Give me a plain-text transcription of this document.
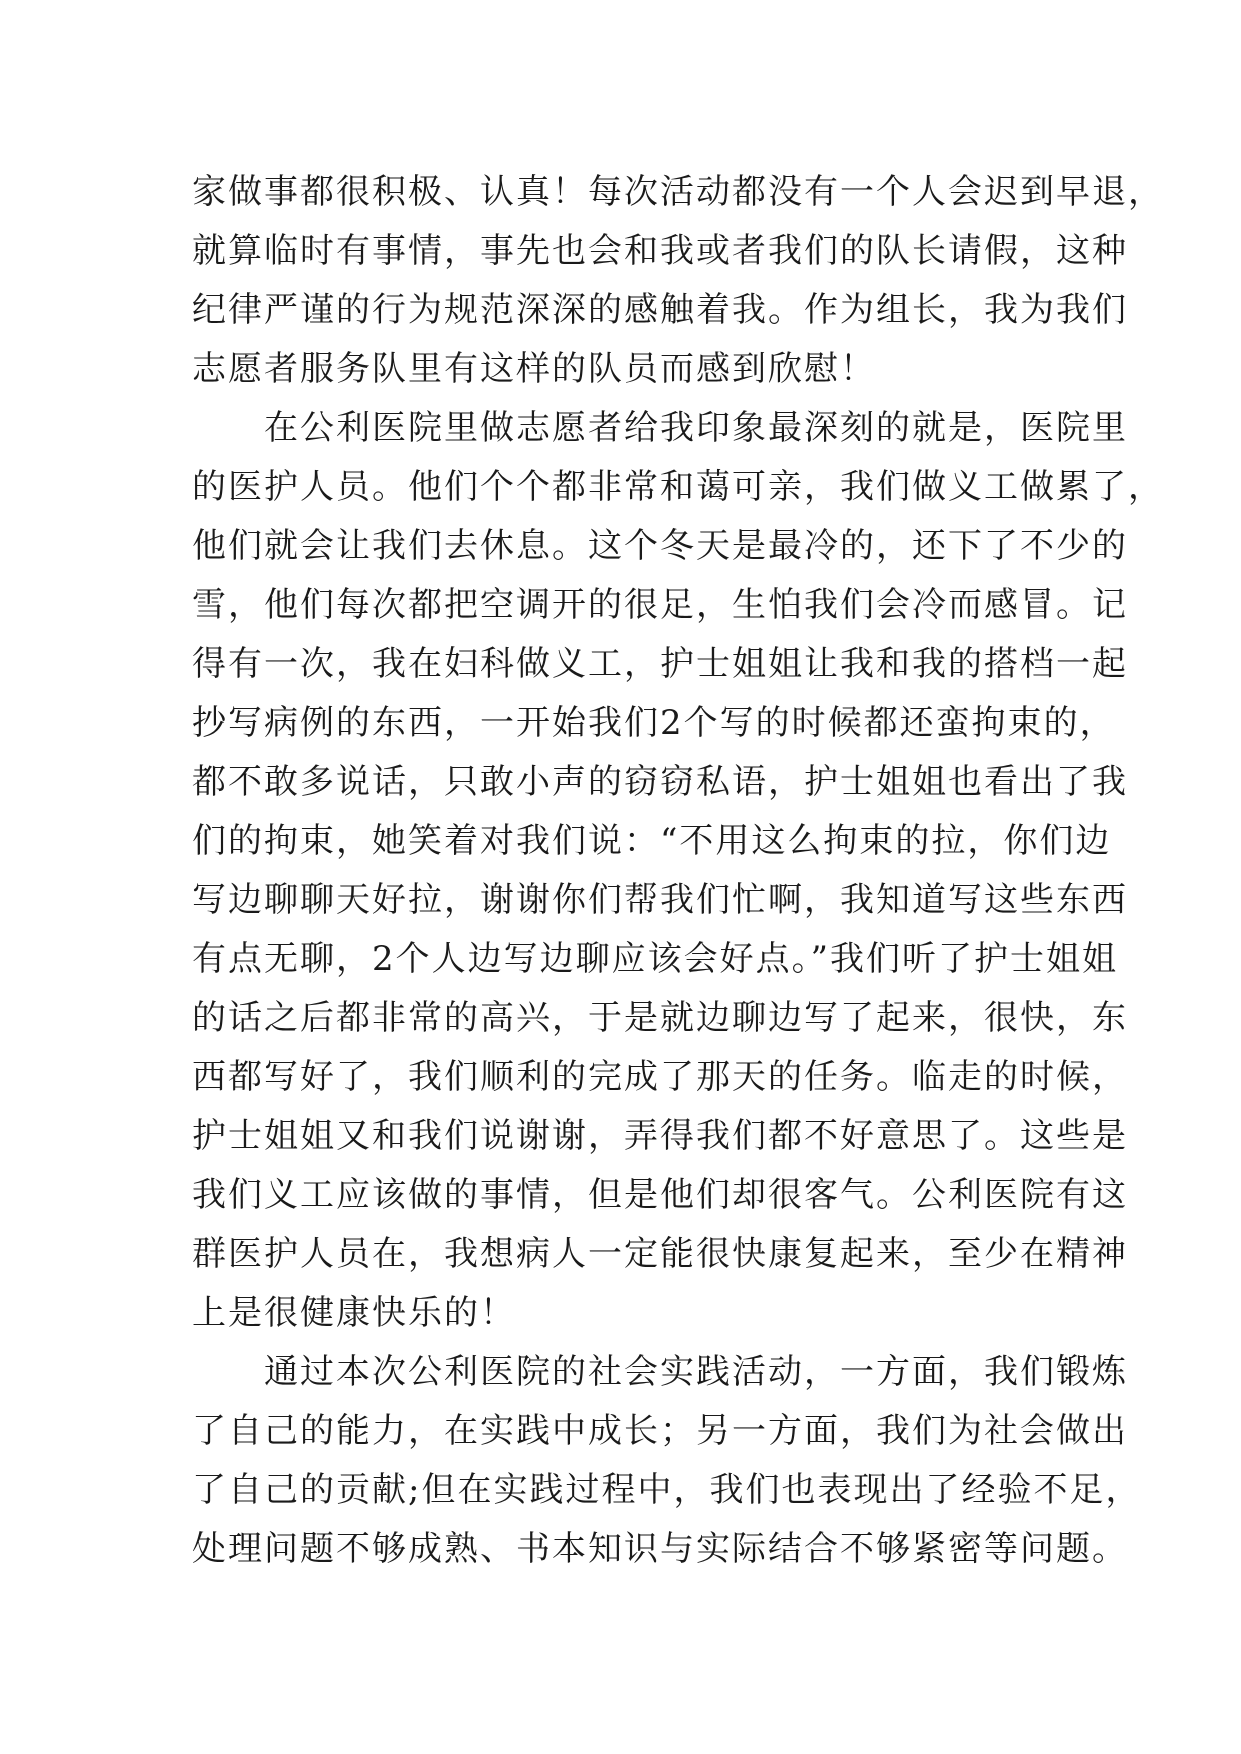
家做事都很积极、认真！每次活动都没有一个人会迟到早退，
就算临时有事情，事先也会和我或者我们的队长请假，这种
纪律严谨的行为规范深深的感触着我。作为组长，我为我们
志愿者服务队里有这样的队员而感到欣慰！
　　在公利医院里做志愿者给我印象最深刻的就是，医院里
的医护人员。他们个个都非常和蔼可亲，我们做义工做累了，
他们就会让我们去休息。这个冬天是最冷的，还下了不少的
雪，他们每次都把空调开的很足，生怕我们会冷而感冒。记
得有一次，我在妇科做义工，护士姐姐让我和我的搭档一起
抄写病例的东西，一开始我们2个写的时候都还蛮拘束的，
都不敢多说话，只敢小声的窃窃私语，护士姐姐也看出了我
们的拘束，她笑着对我们说：“不用这么拘束的拉，你们边
写边聊聊天好拉，谢谢你们帮我们忙啊，我知道写这些东西
有点无聊，2个人边写边聊应该会好点。”我们听了护士姐姐
的话之后都非常的高兴，于是就边聊边写了起来，很快，东
西都写好了，我们顺利的完成了那天的任务。临走的时候，
护士姐姐又和我们说谢谢，弄得我们都不好意思了。这些是
我们义工应该做的事情，但是他们却很客气。公利医院有这
群医护人员在，我想病人一定能很快康复起来，至少在精神
上是很健康快乐的！
　　通过本次公利医院的社会实践活动，一方面，我们锻炼
了自己的能力，在实践中成长；另一方面，我们为社会做出
了自己的贡献;但在实践过程中，我们也表现出了经验不足，
处理问题不够成熟、书本知识与实际结合不够紧密等问题。
